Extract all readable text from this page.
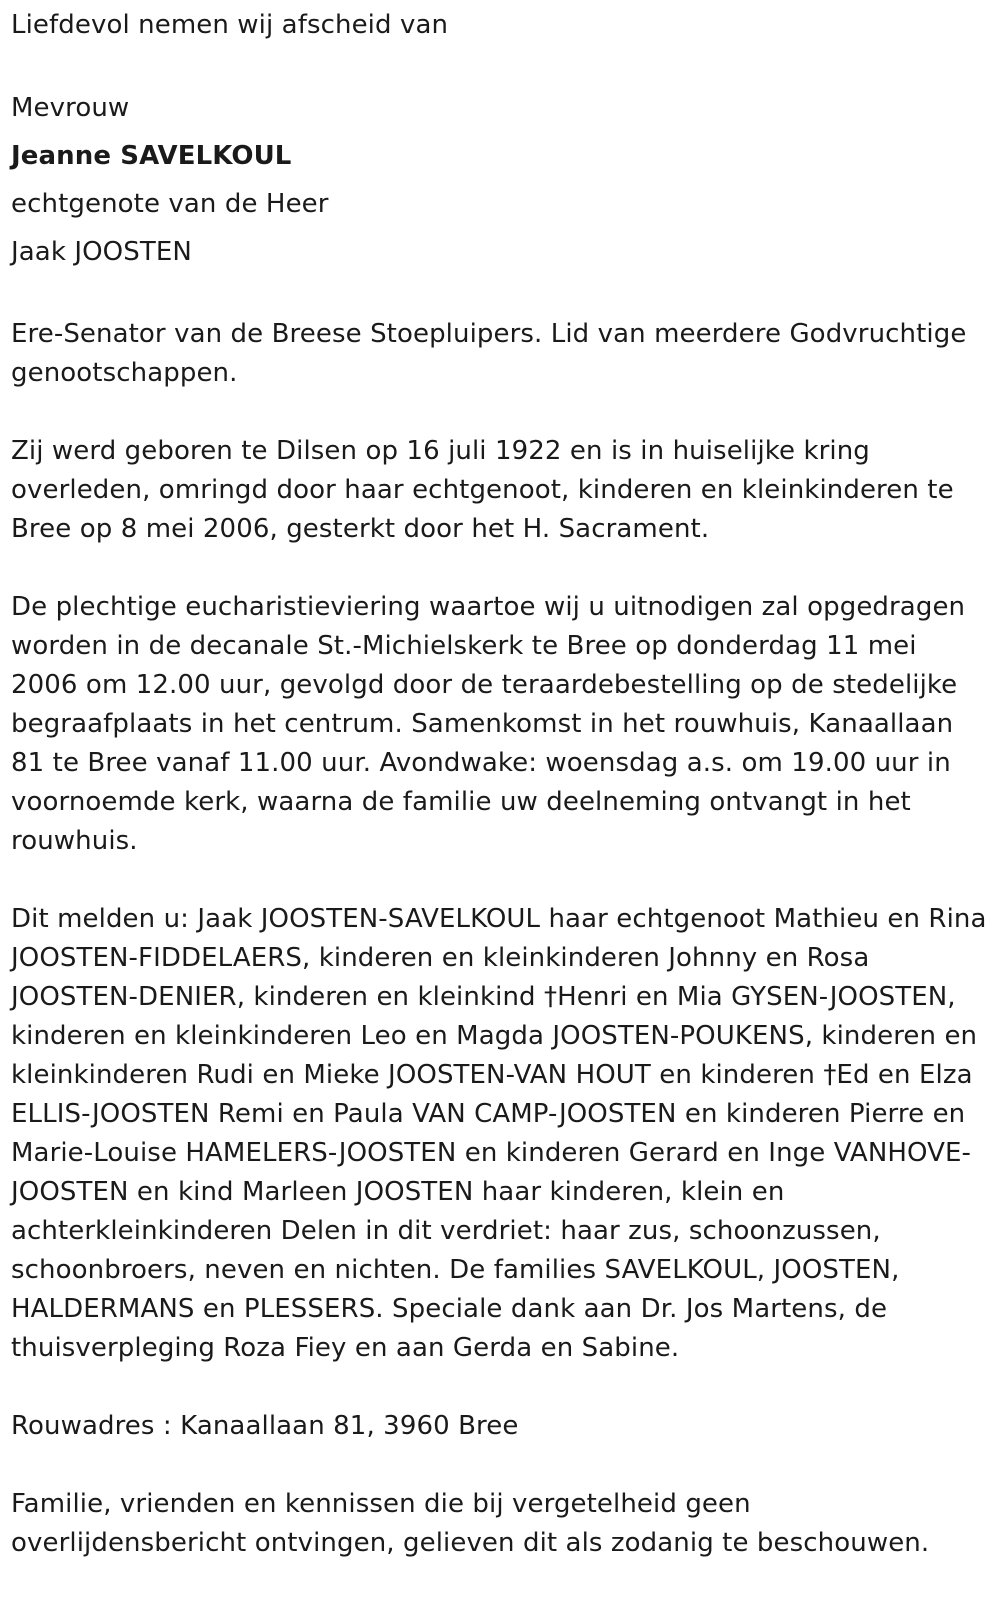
Liefdevol nemen wij afscheid van

Mevrouw

Jeanne SAVELKOUL

echtgenote van de Heer

Jaak JOOSTEN

Ere-Senator van de Breese Stoepluipers. Lid van meerdere Godvruchtige genootschappen.

Zij werd geboren te Dilsen op 16 juli 1922 en is in huiselijke kring overleden, omringd door haar echtgenoot, kinderen en kleinkinderen te Bree op 8 mei 2006, gesterkt door het H. Sacrament.

De plechtige eucharistieviering waartoe wij u uitnodigen zal opgedragen worden in de decanale St.-Michielskerk te Bree op donderdag 11 mei 2006 om 12.00 uur, gevolgd door de teraardebestelling op de stedelijke begraafplaats in het centrum. Samenkomst in het rouwhuis, Kanaallaan 81 te Bree vanaf 11.00 uur. Avondwake: woensdag a.s. om 19.00 uur in voornoemde kerk, waarna de familie uw deelneming ontvangt in het rouwhuis.

Dit melden u: Jaak JOOSTEN-SAVELKOUL haar echtgenoot Mathieu en Rina JOOSTEN-FIDDELAERS, kinderen en kleinkinderen Johnny en Rosa JOOSTEN-DENIER, kinderen en kleinkind †Henri en Mia GYSEN-JOOSTEN, kinderen en kleinkinderen Leo en Magda JOOSTEN-POUKENS, kinderen en kleinkinderen Rudi en Mieke JOOSTEN-VAN HOUT en kinderen †Ed en Elza ELLIS-JOOSTEN Remi en Paula VAN CAMP-JOOSTEN en kinderen Pierre en Marie-Louise HAMELERS-JOOSTEN en kinderen Gerard en Inge VANHOVE-JOOSTEN en kind Marleen JOOSTEN haar kinderen, klein en achterkleinkinderen Delen in dit verdriet: haar zus, schoonzussen, schoonbroers, neven en nichten. De families SAVELKOUL, JOOSTEN, HALDERMANS en PLESSERS. Speciale dank aan Dr. Jos Martens, de thuisverpleging Roza Fiey en aan Gerda en Sabine.

Rouwadres : Kanaallaan 81, 3960 Bree

Familie, vrienden en kennissen die bij vergetelheid geen overlijdensbericht ontvingen, gelieven dit als zodanig te beschouwen.
